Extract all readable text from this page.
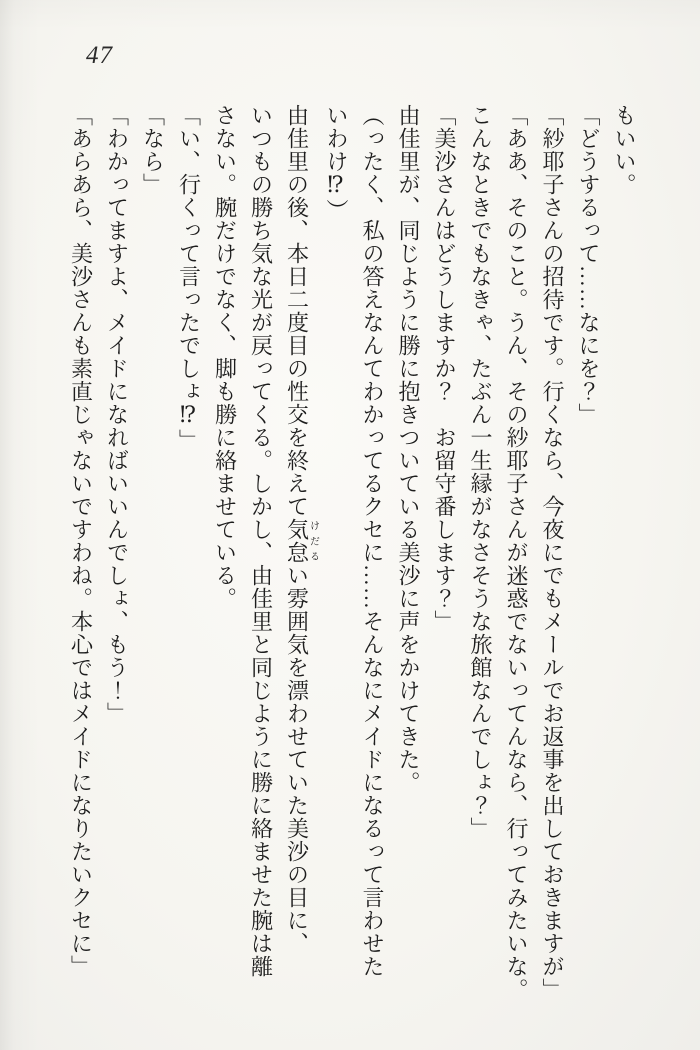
47

もいい。

「どうするって……なにを？」

「紗耶子さんの招待です。行くなら、今夜にでもメールでお返事を出しておきますが」

「ああ、そのこと。うん、その紗耶子さんが迷惑でないってんなら、行ってみたいな。

こんなときでもなきゃ、たぶん一生縁がなさそうな旅館なんでしょ？」

「美沙さんはどうしますか？　お留守番します？」

由佳里が、同じように勝に抱きついている美沙に声をかけてきた。

（ったく、私の答えなんてわかってるクセに……そんなにメイドになるって言わせた

いわけ⁉）

由佳里の後、本日二度目の性交を終えて気怠けだるい雰囲気を漂わせていた美沙の目に、

いつもの勝ち気な光が戻ってくる。しかし、由佳里と同じように勝に絡ませた腕は離

さない。腕だけでなく、脚も勝に絡ませている。

「い、行くって言ったでしょ⁉」

「なら」

「わかってますよ、メイドになればいいんでしょ、もう！」

「あらあら、美沙さんも素直じゃないですわね。本心ではメイドになりたいクセに」
